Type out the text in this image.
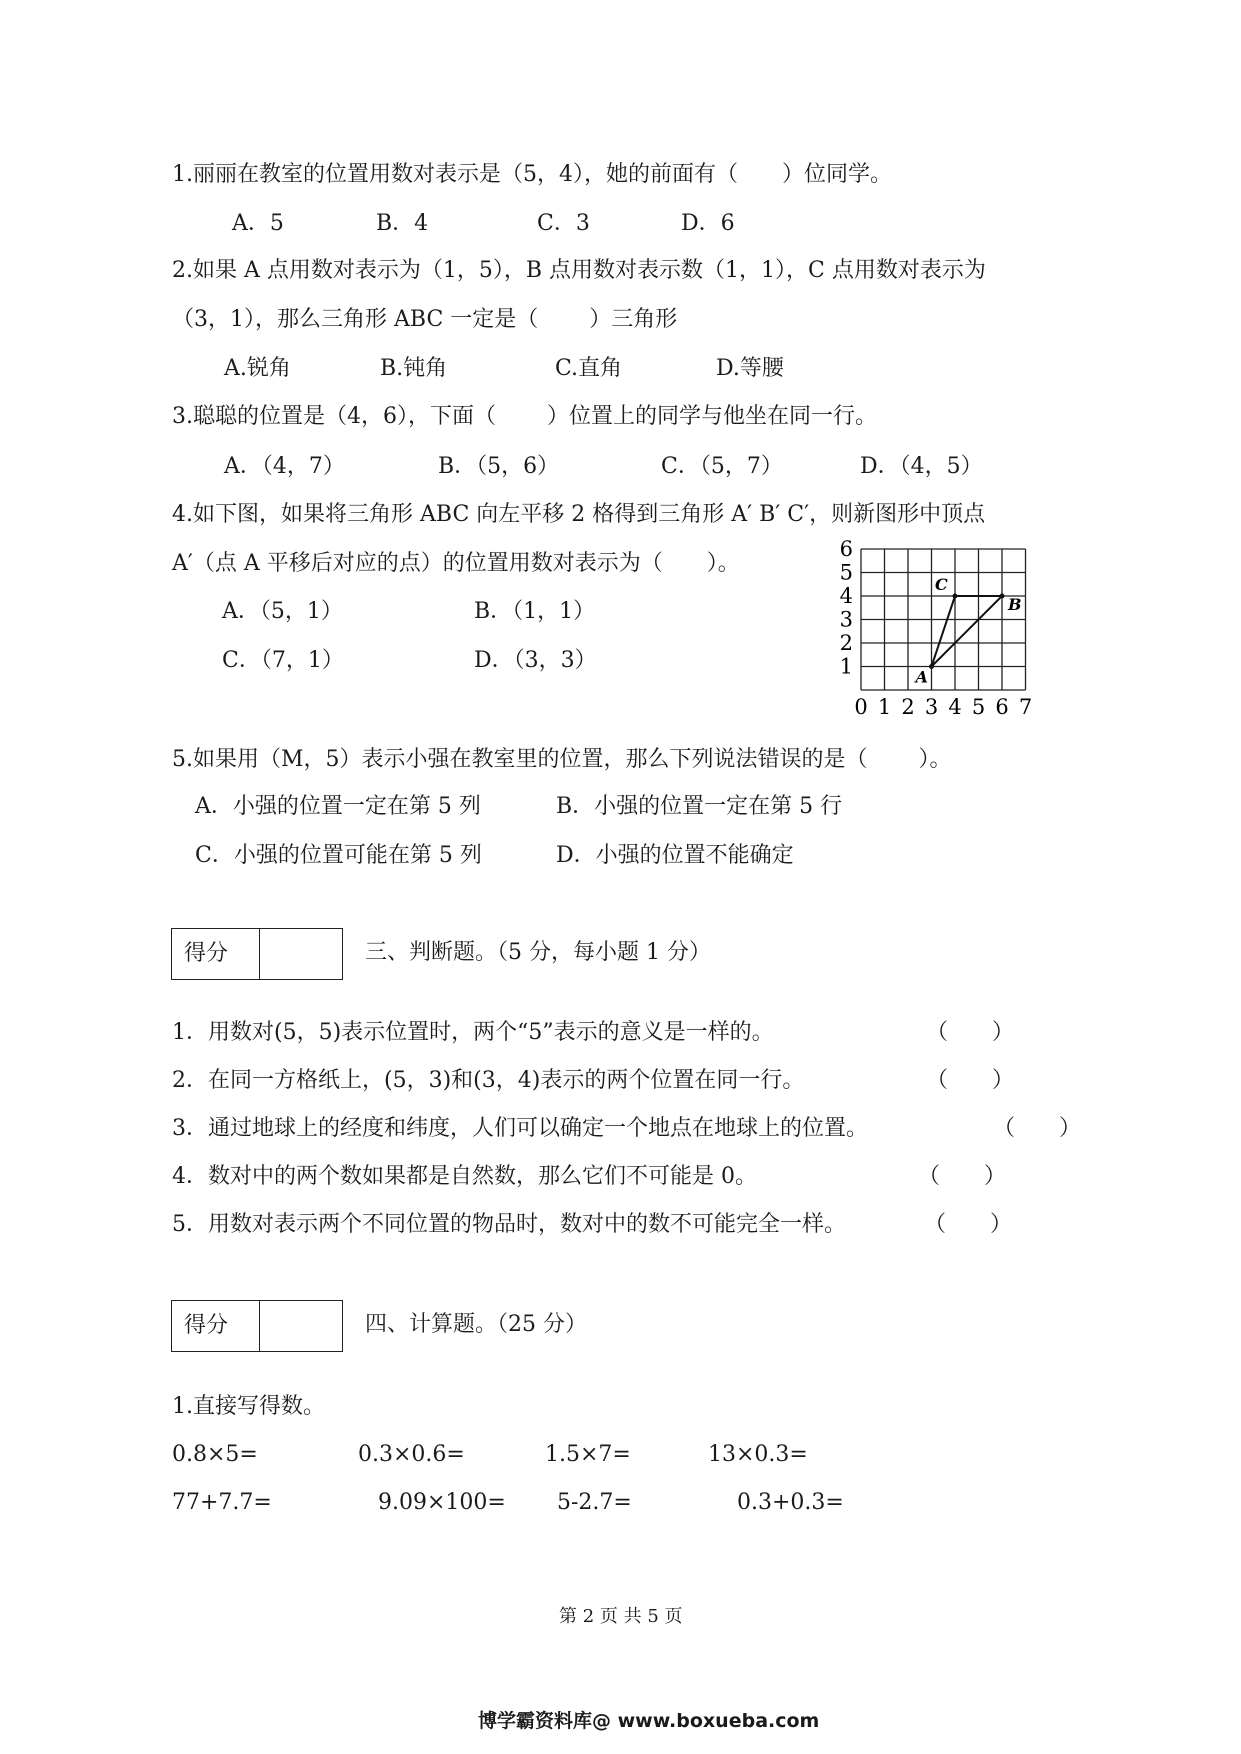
1.丽丽在教室的位置用数对表示是（5，4），她的前面有（　　）位同学。
A．5	B．4	C．3	D．6
2.如果 A 点用数对表示为（1，5），B 点用数对表示数（1，1），C 点用数对表示为
（3，1），那么三角形 ABC 一定是（　　 ）三角形
A.锐角	B.钝角	C.直角	D.等腰
3.聪聪的位置是（4，6），下面（　　 ）位置上的同学与他坐在同一行。
A．（4，7）	B．（5，6）	C．（5，7）	D．（4，5）
4.如下图，如果将三角形 ABC 向左平移 2 格得到三角形 A′ B′ C′，则新图形中顶点
A′（点 A 平移后对应的点）的位置用数对表示为（　　）。
A．（5，1）	B．（1，1）
C．（7，1）	D．（3，3）
0 1 2 3 4 5 6 7
1
2
3
4
5
6
A
B
C
5.如果用（M，5）表示小强在教室里的位置，那么下列说法错误的是（　　 ）。
A．小强的位置一定在第 5 列	B．小强的位置一定在第 5 行
C．小强的位置可能在第 5 列	D．小强的位置不能确定
得分	三、判断题。（5 分，每小题 1 分）
1．用数对(5，5)表示位置时，两个“5”表示的意义是一样的。	（　　）
2．在同一方格纸上，(5，3)和(3，4)表示的两个位置在同一行。	（　　）
3．通过地球上的经度和纬度，人们可以确定一个地点在地球上的位置。	（　　）
4．数对中的两个数如果都是自然数，那么它们不可能是 0。	（　　）
5．用数对表示两个不同位置的物品时，数对中的数不可能完全一样。	（　　）
得分	四、计算题。（25 分）
1.直接写得数。
0.8×5=	0.3×0.6=	1.5×7=	13×0.3=
77+7.7=	9.09×100= 5-2.7=	0.3+0.3=
第 2 页 共 5 页
博学霸资料库@ www.boxueba.com
